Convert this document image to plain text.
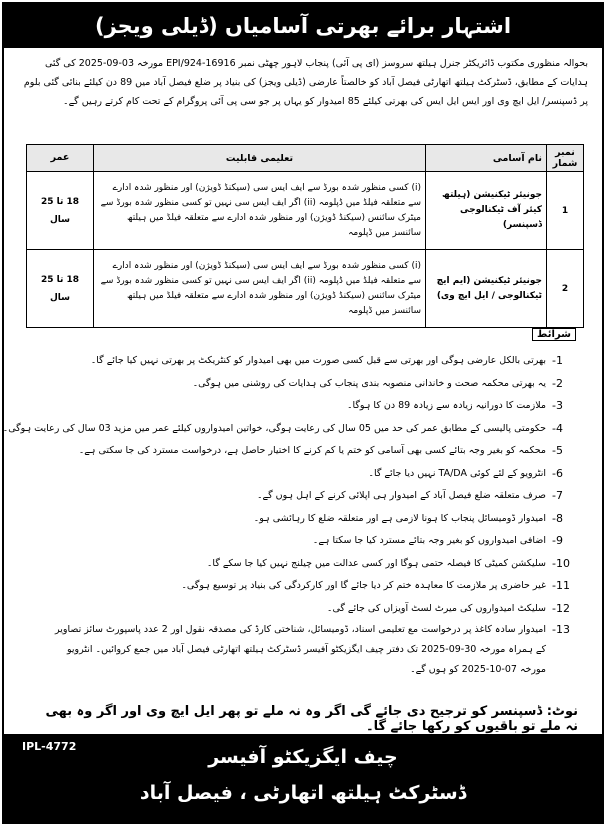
اشتہار برائے بھرتی آسامیاں (ڈیلی ویجز)
بحوالہ منظوری مکتوب ڈائریکٹر جنرل ہیلتھ سروسز (ای پی آئی) پنجاب لاہور چھٹی نمبر 16916-924/EPI مورخہ 03-09-2025 کی گئی ہدایات کے مطابق، ڈسٹرکٹ ہیلتھ اتھارٹی فیصل آباد کو خالصتاً عارضی (ڈیلی ویجز) کی بنیاد پر ضلع فیصل آباد میں 89 دن کیلئے بنائی گئی بلوم پر ڈسپنسر/ ایل ایچ وی اور ایس ایل ایس کی بھرتی کیلئے 85 امیدوار کو یہاں پر جو سی پی آئی پروگرام کے تحت کام کرتے رہیں گے۔
نمبر شمار	نام آسامی	تعلیمی قابلیت	عمر
1	جونیئر ٹیکنیشن (ہیلتھ کیئر آف ٹیکنالوجی ڈسپنسر)	(i) کسی منظور شدہ بورڈ سے ایف ایس سی (سیکنڈ ڈویژن) اور منظور شدہ ادارے سے متعلقہ فیلڈ میں ڈپلومہ (ii) اگر ایف ایس سی نہیں تو کسی منظور شدہ بورڈ سے میٹرک سائنس (سیکنڈ ڈویژن) اور منظور شدہ ادارے سے متعلقہ فیلڈ میں ہیلتھ سائنسز میں ڈپلومہ	18 تا 25 سال
2	جونیئر ٹیکنیشن (ایم ایچ ٹیکنالوجی / ایل ایچ وی)	(i) کسی منظور شدہ بورڈ سے ایف ایس سی (سیکنڈ ڈویژن) اور منظور شدہ ادارے سے متعلقہ فیلڈ میں ڈپلومہ (ii) اگر ایف ایس سی نہیں تو کسی منظور شدہ بورڈ سے میٹرک سائنس (سیکنڈ ڈویژن) اور منظور شدہ ادارے سے متعلقہ فیلڈ میں ہیلتھ سائنسز میں ڈپلومہ	18 تا 25 سال
شرائط
-1
بھرتی بالکل عارضی ہوگی اور بھرتی سے قبل کسی صورت میں بھی امیدوار کو کنٹریکٹ پر بھرتی نہیں کیا جائے گا۔
-2
یہ بھرتی محکمہ صحت و خاندانی منصوبہ بندی پنجاب کی ہدایات کی روشنی میں ہوگی۔
-3
ملازمت کا دورانیہ زیادہ سے زیادہ 89 دن کا ہوگا۔
-4
حکومتی پالیسی کے مطابق عمر کی حد میں 05 سال کی رعایت ہوگی، خواتین امیدواروں کیلئے عمر میں مزید 03 سال کی رعایت ہوگی۔
-5
محکمہ کو بغیر وجہ بتائے کسی بھی آسامی کو ختم یا کم کرنے کا اختیار حاصل ہے، درخواست مسترد کی جا سکتی ہے۔
-6
انٹرویو کے لئے کوئی TA/DA نہیں دیا جائے گا۔
-7
صرف متعلقہ ضلع فیصل آباد کے امیدوار ہی اپلائی کرنے کے اہل ہوں گے۔
-8
امیدوار ڈومیسائل پنجاب کا ہونا لازمی ہے اور متعلقہ ضلع کا رہائشی ہو۔
-9
اضافی امیدواروں کو بغیر وجہ بتائے مسترد کیا جا سکتا ہے۔
-10
سلیکشن کمیٹی کا فیصلہ حتمی ہوگا اور کسی عدالت میں چیلنج نہیں کیا جا سکے گا۔
-11
غیر حاضری پر ملازمت کا معاہدہ ختم کر دیا جائے گا اور کارکردگی کی بنیاد پر توسیع ہوگی۔
-12
سلیکٹ امیدواروں کی میرٹ لسٹ آویزاں کی جائے گی۔
-13
امیدوار سادہ کاغذ پر درخواست مع تعلیمی اسناد، ڈومیسائل، شناختی کارڈ کی مصدقہ نقول اور 2 عدد پاسپورٹ سائز تصاویر کے ہمراہ مورخہ 30-09-2025 تک دفتر چیف ایگزیکٹو آفیسر ڈسٹرکٹ ہیلتھ اتھارٹی فیصل آباد میں جمع کروائیں۔ انٹرویو مورخہ 07-10-2025 کو ہوں گے۔
نوٹ: ڈسپنسر کو ترجیح دی جائے گی اگر وہ نہ ملے تو پھر ایل ایچ وی اور اگر وہ بھی نہ ملے تو باقیوں کو رکھا جائے گا۔
IPL-4772	چیف ایگزیکٹو آفیسر
ڈسٹرکٹ ہیلتھ اتھارٹی ، فیصل آباد
